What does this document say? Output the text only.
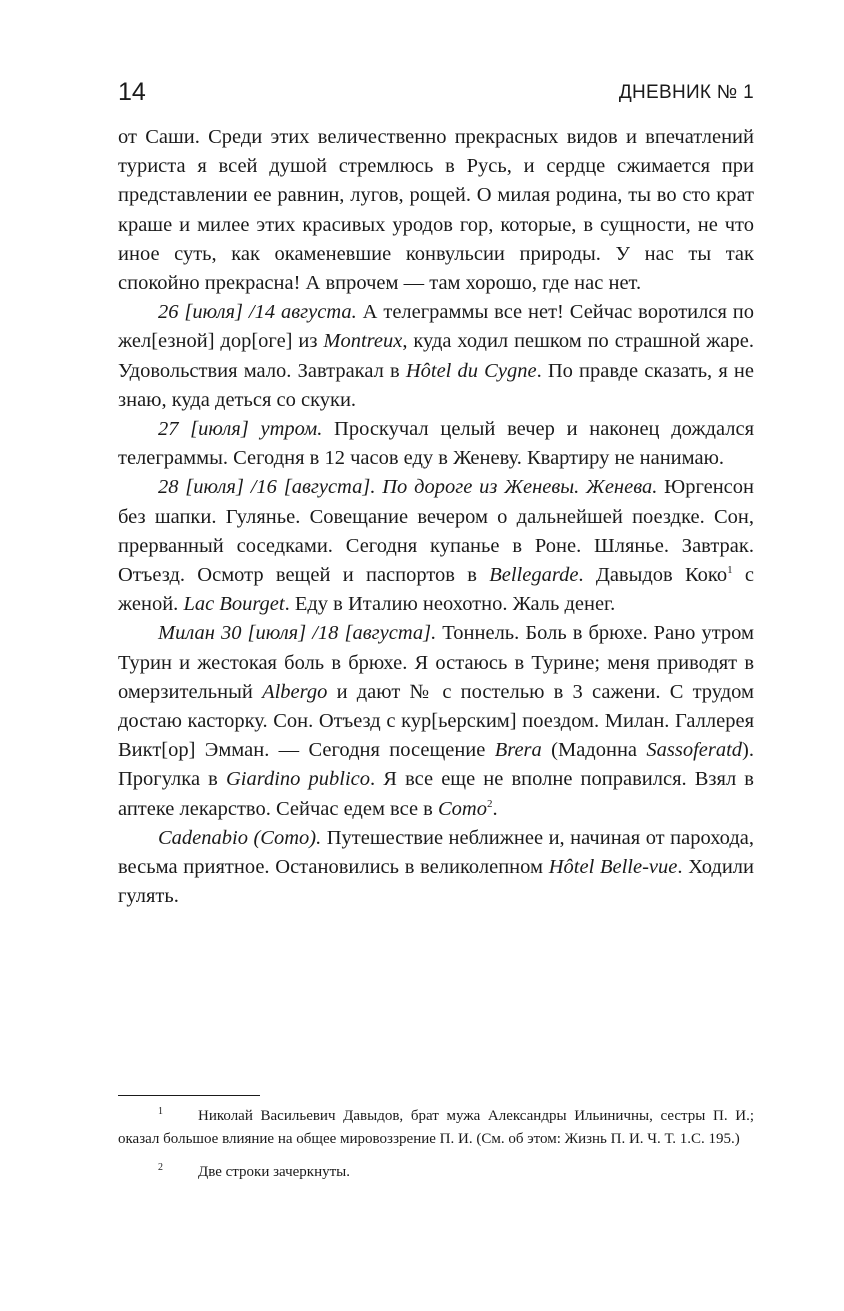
14	ДНЕВНИК № 1

от Саши. Среди этих величественно прекрасных видов и впечатлений туриста я всей душой стремлюсь в Русь, и сердце сжимается при представлении ее равнин, лугов, рощей. О милая родина, ты во сто крат краше и милее этих красивых уродов гор, которые, в сущности, не что иное суть, как окаменевшие конвульсии природы. У нас ты так спокойно прекрасна! А впрочем — там хорошо, где нас нет.

26 [июля] /14 августа. А телеграммы все нет! Сейчас воротился по жел[езной] дор[оге] из Montreux, куда ходил пешком по страшной жаре. Удовольствия мало. Завтракал в Hôtel du Cygne. По правде сказать, я не знаю, куда деться со скуки.

27 [июля] утром. Проскучал целый вечер и наконец дождался телеграммы. Сегодня в 12 часов еду в Женеву. Квартиру не нанимаю.

28 [июля] /16 [августа]. По дороге из Женевы. Женева. Юргенсон без шапки. Гулянье. Совещание вечером о дальнейшей поездке. Сон, прерванный соседками. Сегодня купанье в Роне. Шлянье. Завтрак. Отъезд. Осмотр вещей и паспортов в Bellegarde. Давыдов Коко$^1$ с женой. Lac Bourget. Еду в Италию неохотно. Жаль денег.

Милан 30 [июля] /18 [августа]. Тоннель. Боль в брюхе. Рано утром Турин и жестокая боль в брюхе. Я остаюсь в Турине; меня приводят в омерзительный Albergo и дают № с постелью в 3 сажени. С трудом достаю касторку. Сон. Отъезд с кур[ьерским] поездом. Милан. Галлерея Викт[ор] Эмман. — Сегодня посещение Brera (Мадонна Sassoferatd). Прогулка в Giardino publico. Я все еще не вполне поправился. Взял в аптеке лекарство. Сейчас едем все в Como$^2$.

Cadenabio (Como). Путешествие неближнее и, начиная от парохода, весьма приятное. Остановились в великолепном Hôtel Belle-vue. Ходили гулять.

1 Николай Васильевич Давыдов, брат мужа Александры Ильиничны, сестры П. И.; оказал большое влияние на общее мировоззрение П. И. (См. об этом: Жизнь П. И. Ч. Т. 1.С. 195.)

2 Две строки зачеркнуты.
